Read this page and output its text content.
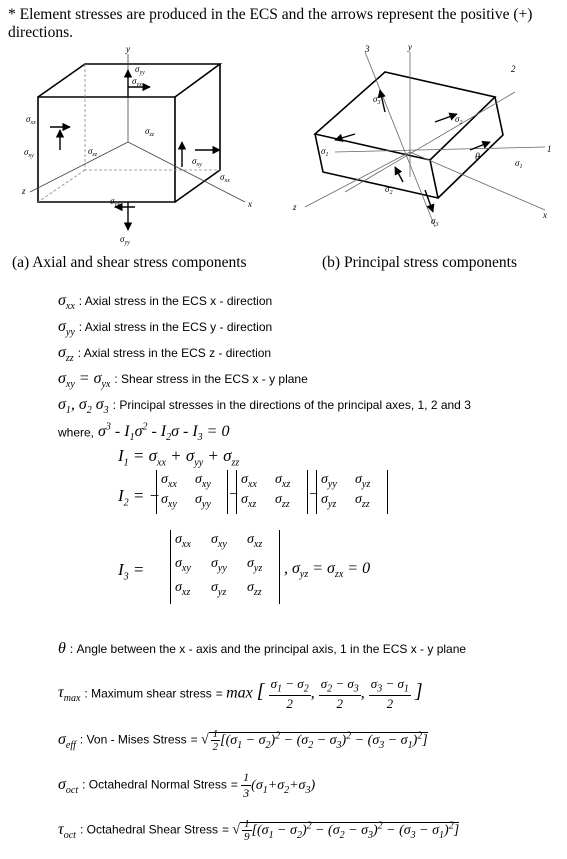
* Element stresses are produced in the ECS and the arrows represent the positive (+) directions.
y
x
z
$\sigma_{yy}$
$\sigma_{yx}$
$\sigma_{xx}$
$\sigma_{xy}$	$\sigma_{zz}$
$\sigma_{zz}$
$\sigma_{xy}$
$\sigma_{xx}$
$\sigma_{yx}$
$\sigma_{yy}$
3	y
2
1
x
z
θ
$\sigma_3$
$\sigma_1$
$\sigma_2$
$\sigma_1$
$\sigma_2$
$\sigma_3$
(a) Axial and shear stress components	(b) Principal stress components
$\sigma_{xx}$ : Axial stress in the ECS x - direction
$\sigma_{yy}$ : Axial stress in the ECS y - direction
$\sigma_{zz}$ : Axial stress in the ECS z - direction
$\sigma_{xy} = \sigma_{yx}$ : Shear stress in the ECS x - y plane
$\sigma_1$, $\sigma_2$ $\sigma_3$ : Principal stresses in the directions of the principal axes, 1, 2 and 3
where, $\sigma^3 - I_1\sigma^2 - I_2\sigma - I_3 = 0$
$I_1 = \sigma_{xx} + \sigma_{yy} + \sigma_{zz}$
$I_2$ = −
$\sigma_{xx}$ $\sigma_{xy}$
$\sigma_{xy}$ $\sigma_{yy}$
−
$\sigma_{xx}$ $\sigma_{xz}$
$\sigma_{xz}$ $\sigma_{zz}$
−
$\sigma_{yy}$ $\sigma_{yz}$
$\sigma_{yz}$ $\sigma_{zz}$
$I_3$ =
$\sigma_{xx}$ $\sigma_{xy}$ $\sigma_{xz}$
$\sigma_{xy}$ $\sigma_{yy}$ $\sigma_{yz}$
$\sigma_{xz}$ $\sigma_{yz}$ $\sigma_{zz}$
, $\sigma_{yz} = \sigma_{zx} = 0$
θ : Angle between the x - axis and the principal axis, 1 in the ECS x - y plane
$\tau_{max}$ : Maximum shear stress = max [ $\frac{\sigma_1 - \sigma_2}{2}$ , $\frac{\sigma_2 - \sigma_3}{2}$ , $\frac{\sigma_3 - \sigma_1}{2}$ ]
$\sigma_{eff}$ : Von - Mises Stress = √ $\frac{1}{2} [(\sigma_1 - \sigma_2)^2 - (\sigma_2 - \sigma_3)^2 - (\sigma_3 - \sigma_1)^2]$
$\sigma_{oct}$ : Octahedral Normal Stress = $\frac{1}{3} (\sigma_1+\sigma_2+\sigma_3)$
$\tau_{oct}$ : Octahedral Shear Stress = √ $\frac{1}{9} [(\sigma_1 - \sigma_2)^2 - (\sigma_2 - \sigma_3)^2 - (\sigma_3 - \sigma_1)^2]$
